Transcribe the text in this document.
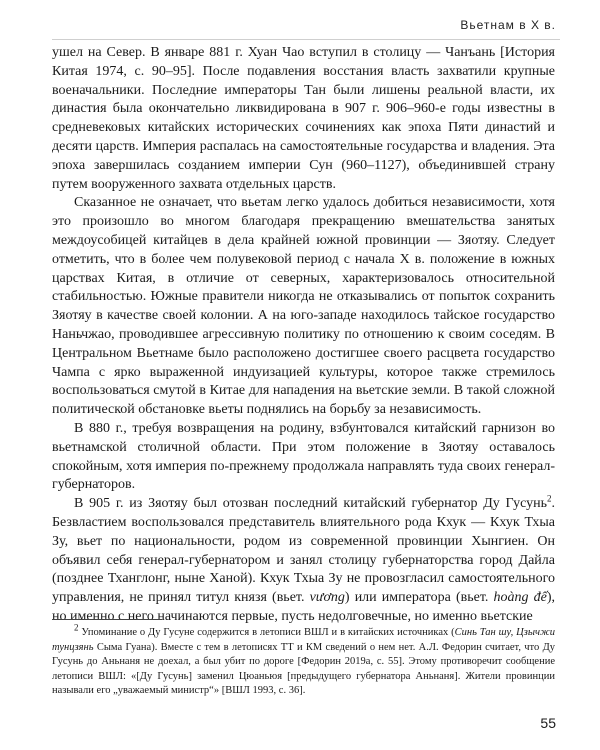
Вьетнам в X в.

ушел на Север. В январе 881 г. Хуан Чао вступил в столицу — Чанъань [История Китая 1974, с. 90–95]. После подавления восстания власть захватили крупные военачальники. Последние императоры Тан были лишены реальной власти, их династия была окончательно ликвидирована в 907 г. 906–960-е годы известны в средневековых китайских исторических сочинениях как эпоха Пяти династий и десяти царств. Империя распалась на самостоятельные государства и владения. Эта эпоха завершилась созданием империи Сун (960–1127), объединившей страну путем вооруженного захвата отдельных царств.

Сказанное не означает, что вьетам легко удалось добиться независимости, хотя это произошло во многом благодаря прекращению вмешательства занятых междоусобицей китайцев в дела крайней южной провинции — Зяотяу. Следует отметить, что в более чем полувековой период с начала X в. положение в южных царствах Китая, в отличие от северных, характеризовалось относительной стабильностью. Южные правители никогда не отказывались от попыток сохранить Зяотяу в качестве своей колонии. А на юго-западе находилось тайское государство Наньчжао, проводившее агрессивную политику по отношению к своим соседям. В Центральном Вьетнаме было расположено достигшее своего расцвета государство Чампа с ярко выраженной индуизацией культуры, которое также стремилось воспользоваться смутой в Китае для нападения на вьетские земли. В такой сложной политической обстановке вьеты поднялись на борьбу за независимость.

В 880 г., требуя возвращения на родину, взбунтовался китайский гарнизон во вьетнамской столичной области. При этом положение в Зяотяу оставалось спокойным, хотя империя по-прежнему продолжала направлять туда своих генерал-губернаторов.

В 905 г. из Зяотяу был отозван последний китайский губернатор Ду Гусунь$^2$. Безвластием воспользовался представитель влиятельного рода Кхук — Кхук Тхыа Зу, вьет по национальности, родом из современной провинции Хынгиен. Он объявил себя генерал-губернатором и занял столицу губернаторства город Дайла (позднее Тханглонг, ныне Ханой). Кхук Тхыа Зу не провозгласил самостоятельного управления, не принял титул князя (вьет. vương) или императора (вьет. hoàng đế), но именно с него начинаются первые, пусть недолговечные, но именно вьетские

$^2$ Упоминание о Ду Гусуне содержится в летописи ВШЛ и в китайских источниках (Синь Тан шу, Цзычжи тунцзянь Сыма Гуана). Вместе с тем в летописях ТТ и КМ сведений о нем нет. А.Л. Федорин считает, что Ду Гусунь до Аньнаня не доехал, а был убит по дороге [Федорин 2019а, с. 55]. Этому противоречит сообщение летописи ВШЛ: «[Ду Гусунь] заменил Цюаньюя [предыдущего губернатора Аньнаня]. Жители провинции называли его „уважаемый министр“» [ВШЛ 1993, с. 36].

55
